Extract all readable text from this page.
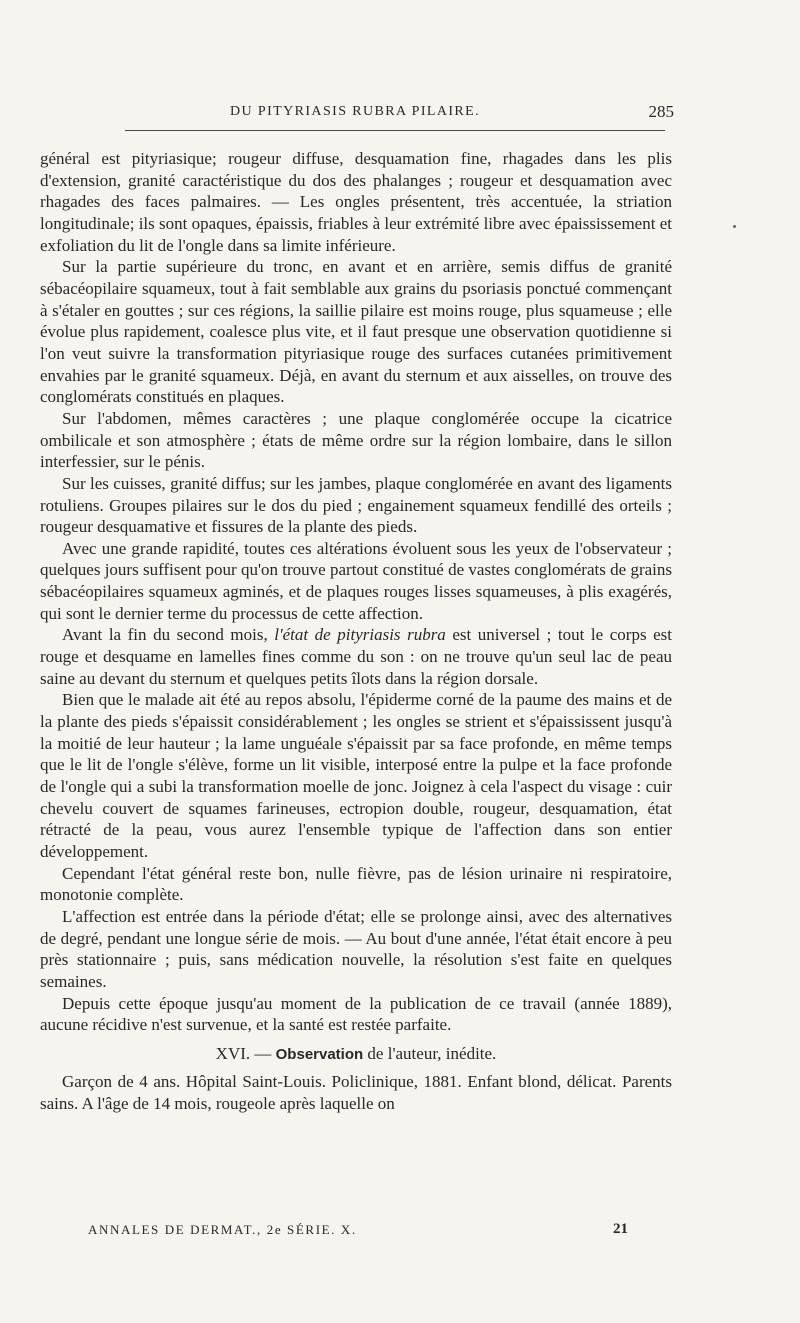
DU PITYRIASIS RUBRA PILAIRE.	285

général est pityriasique; rougeur diffuse, desquamation fine, rhagades dans les plis d'extension, granité caractéristique du dos des phalanges ; rougeur et desquamation avec rhagades des faces palmaires. — Les ongles présentent, très accentuée, la striation longitudinale; ils sont opaques, épaissis, friables à leur extrémité libre avec épaississement et exfoliation du lit de l'ongle dans sa limite inférieure.

Sur la partie supérieure du tronc, en avant et en arrière, semis diffus de granité sébacéopilaire squameux, tout à fait semblable aux grains du psoriasis ponctué commençant à s'étaler en gouttes ; sur ces régions, la saillie pilaire est moins rouge, plus squameuse ; elle évolue plus rapidement, coalesce plus vite, et il faut presque une observation quotidienne si l'on veut suivre la transformation pityriasique rouge des surfaces cutanées primitivement envahies par le granité squameux. Déjà, en avant du sternum et aux aisselles, on trouve des conglomérats constitués en plaques.

Sur l'abdomen, mêmes caractères ; une plaque conglomérée occupe la cicatrice ombilicale et son atmosphère ; états de même ordre sur la région lombaire, dans le sillon interfessier, sur le pénis.

Sur les cuisses, granité diffus; sur les jambes, plaque conglomérée en avant des ligaments rotuliens. Groupes pilaires sur le dos du pied ; engainement squameux fendillé des orteils ; rougeur desquamative et fissures de la plante des pieds.

Avec une grande rapidité, toutes ces altérations évoluent sous les yeux de l'observateur ; quelques jours suffisent pour qu'on trouve partout constitué de vastes conglomérats de grains sébacéopilaires squameux agminés, et de plaques rouges lisses squameuses, à plis exagérés, qui sont le dernier terme du processus de cette affection.

Avant la fin du second mois, l'état de pityriasis rubra est universel ; tout le corps est rouge et desquame en lamelles fines comme du son : on ne trouve qu'un seul lac de peau saine au devant du sternum et quelques petits îlots dans la région dorsale.

Bien que le malade ait été au repos absolu, l'épiderme corné de la paume des mains et de la plante des pieds s'épaissit considérablement ; les ongles se strient et s'épaississent jusqu'à la moitié de leur hauteur ; la lame unguéale s'épaissit par sa face profonde, en même temps que le lit de l'ongle s'élève, forme un lit visible, interposé entre la pulpe et la face profonde de l'ongle qui a subi la transformation moelle de jonc. Joignez à cela l'aspect du visage : cuir chevelu couvert de squames farineuses, ectropion double, rougeur, desquamation, état rétracté de la peau, vous aurez l'ensemble typique de l'affection dans son entier développement.

Cependant l'état général reste bon, nulle fièvre, pas de lésion urinaire ni respiratoire, monotonie complète.

L'affection est entrée dans la période d'état; elle se prolonge ainsi, avec des alternatives de degré, pendant une longue série de mois. — Au bout d'une année, l'état était encore à peu près stationnaire ; puis, sans médication nouvelle, la résolution s'est faite en quelques semaines.

Depuis cette époque jusqu'au moment de la publication de ce travail (année 1889), aucune récidive n'est survenue, et la santé est restée parfaite.

XVI. — Observation de l'auteur, inédite.

Garçon de 4 ans. Hôpital Saint-Louis. Policlinique, 1881. Enfant blond, délicat. Parents sains. A l'âge de 14 mois, rougeole après laquelle on

ANNALES DE DERMAT., 2e SÉRIE. X.	21
